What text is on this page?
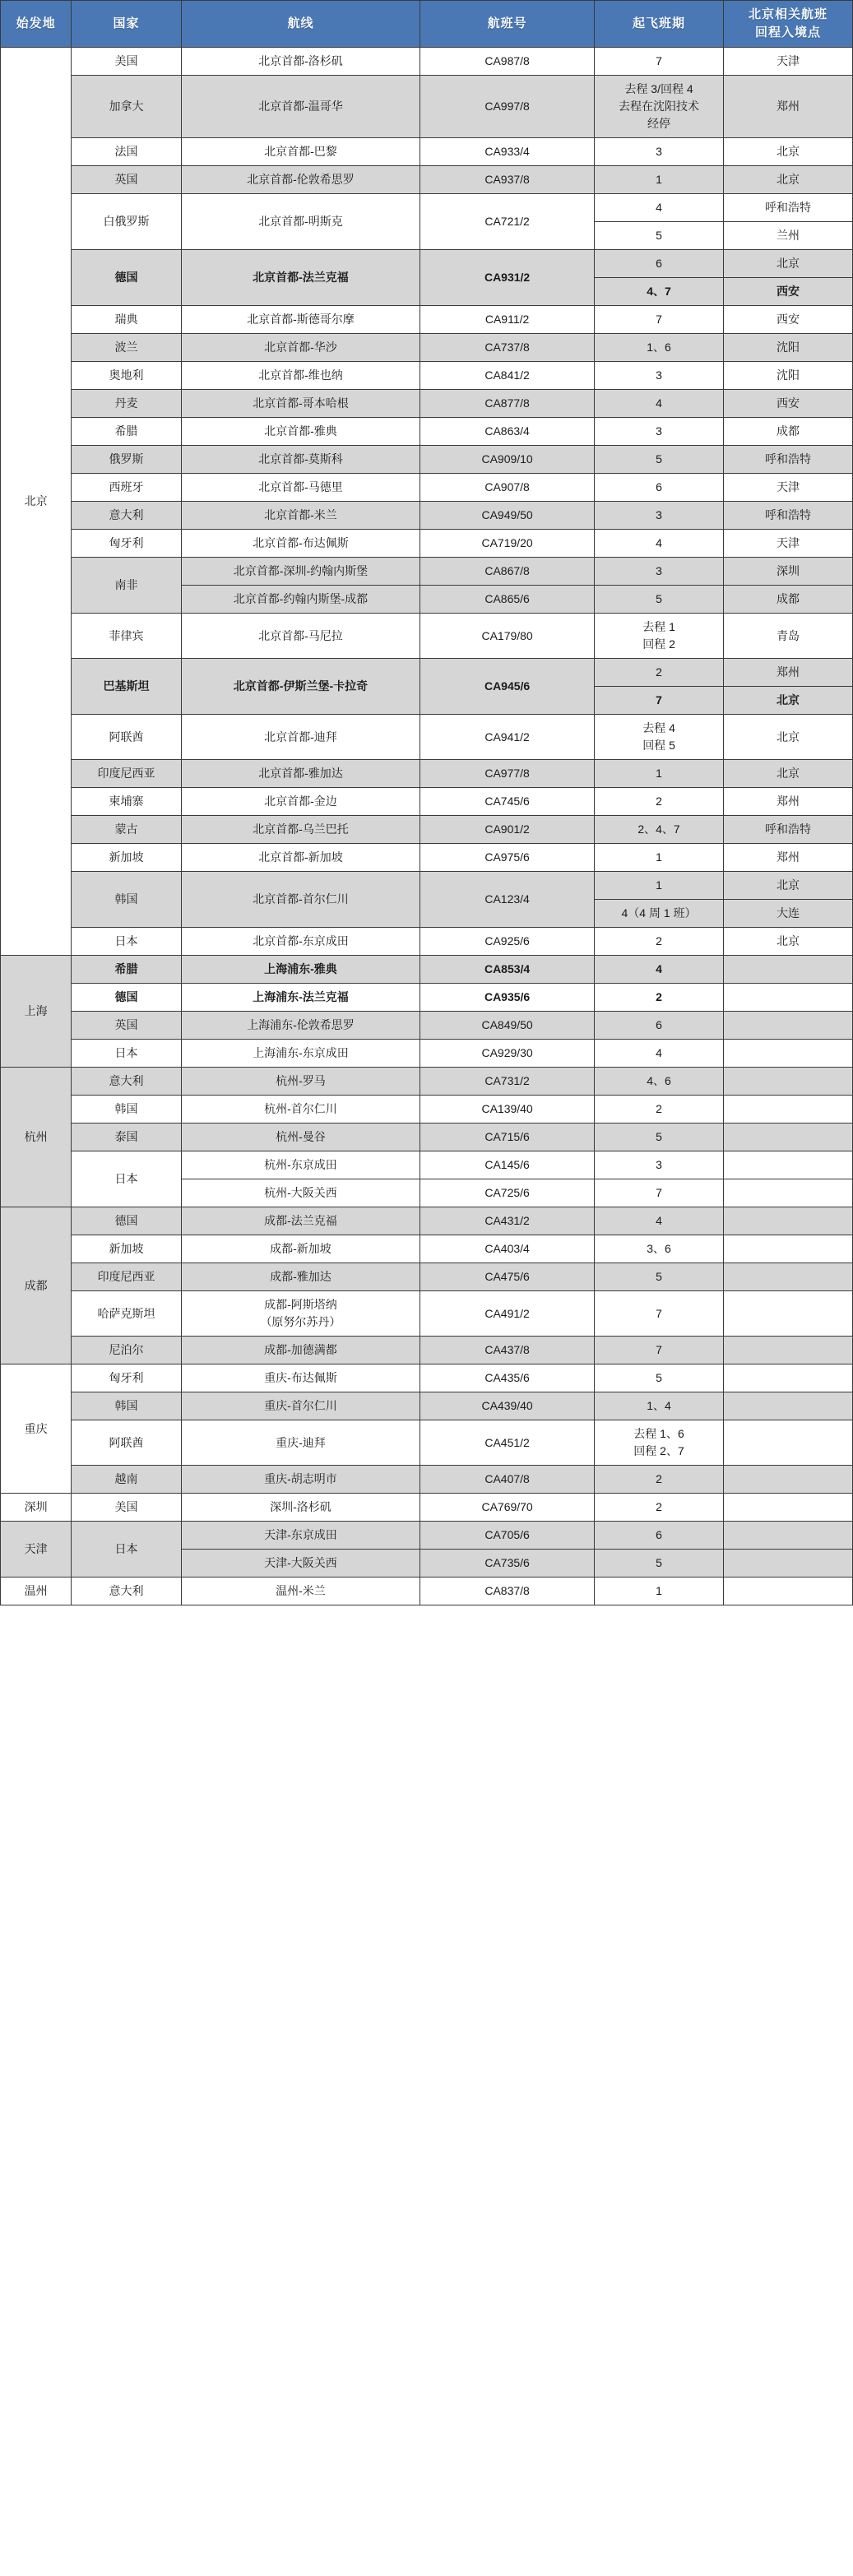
始发地	国家	航线	航班号	起飞班期	北京相关航班
回程入境点

北京	美国	北京首都-洛杉矶	CA987/8	7	天津
	加拿大	北京首都-温哥华	CA997/8	去程 3/回程 4
去程在沈阳技术
经停	郑州
	法国	北京首都-巴黎	CA933/4	3	北京
	英国	北京首都-伦敦希思罗	CA937/8	1	北京
	白俄罗斯	北京首都-明斯克	CA721/2	4	呼和浩特
				5	兰州
	德国	北京首都-法兰克福	CA931/2	6	北京
				4、7	西安
	瑞典	北京首都-斯德哥尔摩	CA911/2	7	西安
	波兰	北京首都-华沙	CA737/8	1、6	沈阳
	奥地利	北京首都-维也纳	CA841/2	3	沈阳
	丹麦	北京首都-哥本哈根	CA877/8	4	西安
	希腊	北京首都-雅典	CA863/4	3	成都
	俄罗斯	北京首都-莫斯科	CA909/10	5	呼和浩特
	西班牙	北京首都-马德里	CA907/8	6	天津
	意大利	北京首都-米兰	CA949/50	3	呼和浩特
	匈牙利	北京首都-布达佩斯	CA719/20	4	天津
	南非	北京首都-深圳-约翰内斯堡	CA867/8	3	深圳
		北京首都-约翰内斯堡-成都	CA865/6	5	成都
	菲律宾	北京首都-马尼拉	CA179/80	去程 1
回程 2	青岛
	巴基斯坦	北京首都-伊斯兰堡-卡拉奇	CA945/6	2	郑州
				7	北京
	阿联酋	北京首都-迪拜	CA941/2	去程 4
回程 5	北京
	印度尼西亚	北京首都-雅加达	CA977/8	1	北京
	柬埔寨	北京首都-金边	CA745/6	2	郑州
	蒙古	北京首都-乌兰巴托	CA901/2	2、4、7	呼和浩特
	新加坡	北京首都-新加坡	CA975/6	1	郑州
	韩国	北京首都-首尔仁川	CA123/4	1	北京
				4（4 周 1 班）	大连
	日本	北京首都-东京成田	CA925/6	2	北京
上海	希腊	上海浦东-雅典	CA853/4	4	
	德国	上海浦东-法兰克福	CA935/6	2	
	英国	上海浦东-伦敦希思罗	CA849/50	6	
	日本	上海浦东-东京成田	CA929/30	4	
杭州	意大利	杭州-罗马	CA731/2	4、6	
	韩国	杭州-首尔仁川	CA139/40	2	
	泰国	杭州-曼谷	CA715/6	5	
	日本	杭州-东京成田	CA145/6	3	
		杭州-大阪关西	CA725/6	7	
成都	德国	成都-法兰克福	CA431/2	4	
	新加坡	成都-新加坡	CA403/4	3、6	
	印度尼西亚	成都-雅加达	CA475/6	5	
	哈萨克斯坦	成都-阿斯塔纳
（原努尔苏丹）	CA491/2	7	
	尼泊尔	成都-加德满都	CA437/8	7	
重庆	匈牙利	重庆-布达佩斯	CA435/6	5	
	韩国	重庆-首尔仁川	CA439/40	1、4	
	阿联酋	重庆-迪拜	CA451/2	去程 1、6
回程 2、7	

	越南	重庆-胡志明市	CA407/8	2	
深圳	美国	深圳-洛杉矶	CA769/70	2	
天津	日本	天津-东京成田	CA705/6	6	
		天津-大阪关西	CA735/6	5	
温州	意大利	温州-米兰	CA837/8	1	
